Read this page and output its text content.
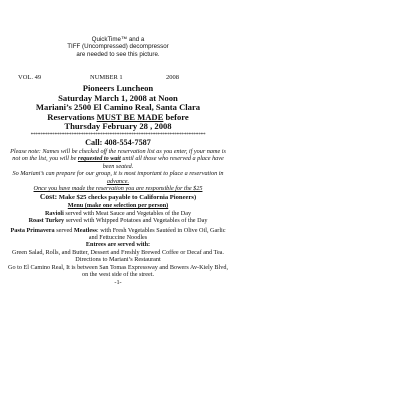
QuickTime™ and a
TIFF (Uncompressed) decompressor
are needed to see this picture.
VOL. 49	NUMBER 1	2008
Pioneers Luncheon
Saturday March 1, 2008 at Noon
Mariani’s 2500 El Camino Real, Santa Clara
Reservations MUST BE MADE before
Thursday February 28 , 2008
*************************************************************************
Call: 408-554-7587
Please note: Names will be checked off the reservation list as you enter, if your name is not on the list, you will be requested to wait until all those who reserved a place have been seated.
So Mariani’s can prepare for our group, it is most important to place a reservation in advance.
Once you have made the reservation you are responsible for the $25
Cost: Make $25 checks payable to California Pioneers)
Menu (make one selection per person)
Ravioli served with Meat Sauce and Vegetables of the Day
Roast Turkey served with Whipped Potatoes and Vegetables of the Day
Pasta Primavera served Meatless: with Fresh Vegetables Sautéed in Olive Oil, Garlic and Fettuccine Noodles
Entrees are served with:
Green Salad, Rolls, and Butter, Dessert and Freshly Brewed Coffee or Decaf and Tea.
Directions to Mariani’s Restaurant
Go to El Camino Real, It is between San Tomas Expressway and Bowers Av-Kiely Blvd, on the west side of the street.
-1-
